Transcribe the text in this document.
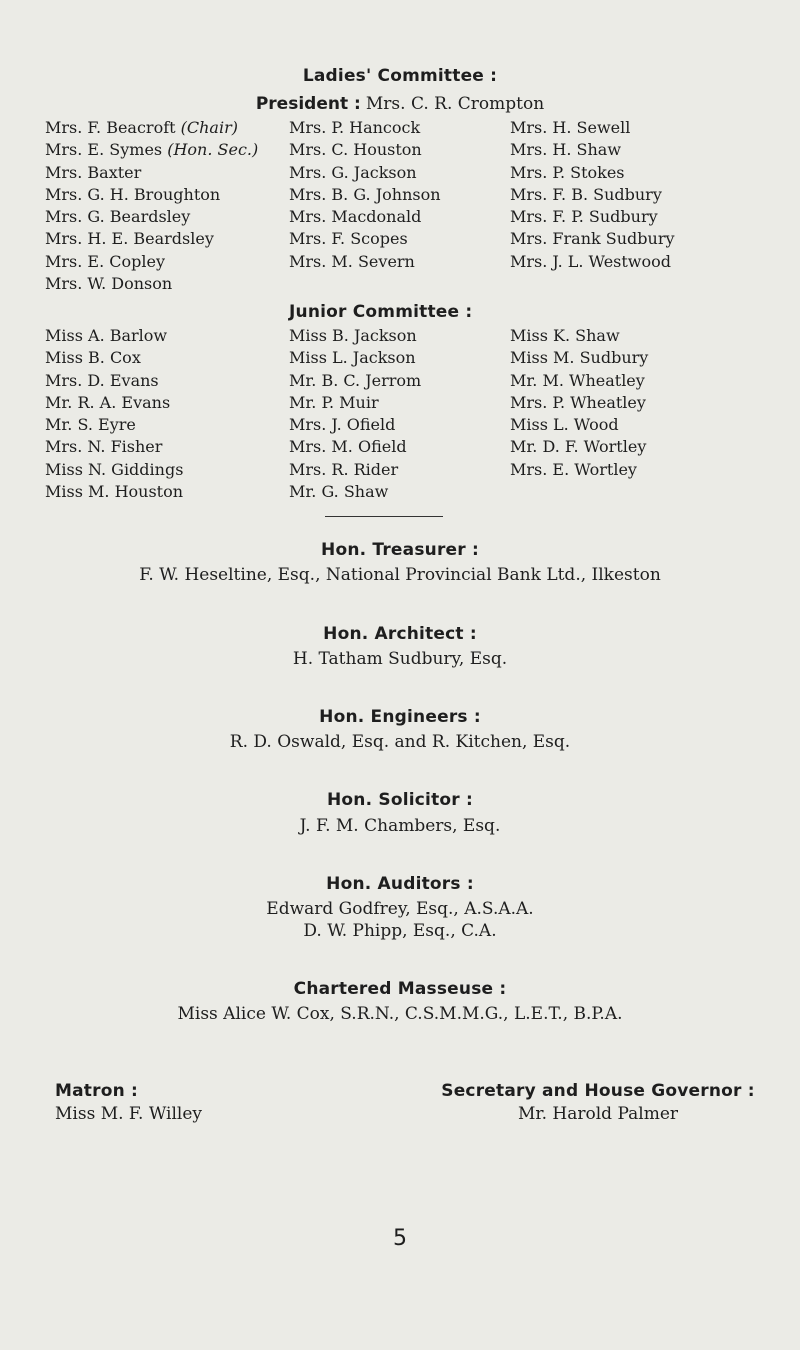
Ladies' Committee :
President : Mrs. C. R. Crompton
Mrs. F. Beacroft (Chair)
Mrs. E. Symes (Hon. Sec.)
Mrs. Baxter
Mrs. G. H. Broughton
Mrs. G. Beardsley
Mrs. H. E. Beardsley
Mrs. E. Copley
Mrs. W. Donson
Mrs. P. Hancock
Mrs. C. Houston
Mrs. G. Jackson
Mrs. B. G. Johnson
Mrs. Macdonald
Mrs. F. Scopes
Mrs. M. Severn
Mrs. H. Sewell
Mrs. H. Shaw
Mrs. P. Stokes
Mrs. F. B. Sudbury
Mrs. F. P. Sudbury
Mrs. Frank Sudbury
Mrs. J. L. Westwood
Junior Committee :
Miss A. Barlow
Miss B. Cox
Mrs. D. Evans
Mr. R. A. Evans
Mr. S. Eyre
Mrs. N. Fisher
Miss N. Giddings
Miss M. Houston
Miss B. Jackson
Miss L. Jackson
Mr. B. C. Jerrom
Mr. P. Muir
Mrs. J. Ofield
Mrs. M. Ofield
Mrs. R. Rider
Mr. G. Shaw
Miss K. Shaw
Miss M. Sudbury
Mr. M. Wheatley
Mrs. P. Wheatley
Miss L. Wood
Mr. D. F. Wortley
Mrs. E. Wortley
Hon. Treasurer :
F. W. Heseltine, Esq., National Provincial Bank Ltd., Ilkeston
Hon. Architect :
H. Tatham Sudbury, Esq.
Hon. Engineers :
R. D. Oswald, Esq. and R. Kitchen, Esq.
Hon. Solicitor :
J. F. M. Chambers, Esq.
Hon. Auditors :
Edward Godfrey, Esq., A.S.A.A.
D. W. Phipp, Esq., C.A.
Chartered Masseuse :
Miss Alice W. Cox, S.R.N., C.S.M.M.G., L.E.T., B.P.A.
Matron :
Miss M. F. Willey
Secretary and House Governor :
Mr. Harold Palmer
5
